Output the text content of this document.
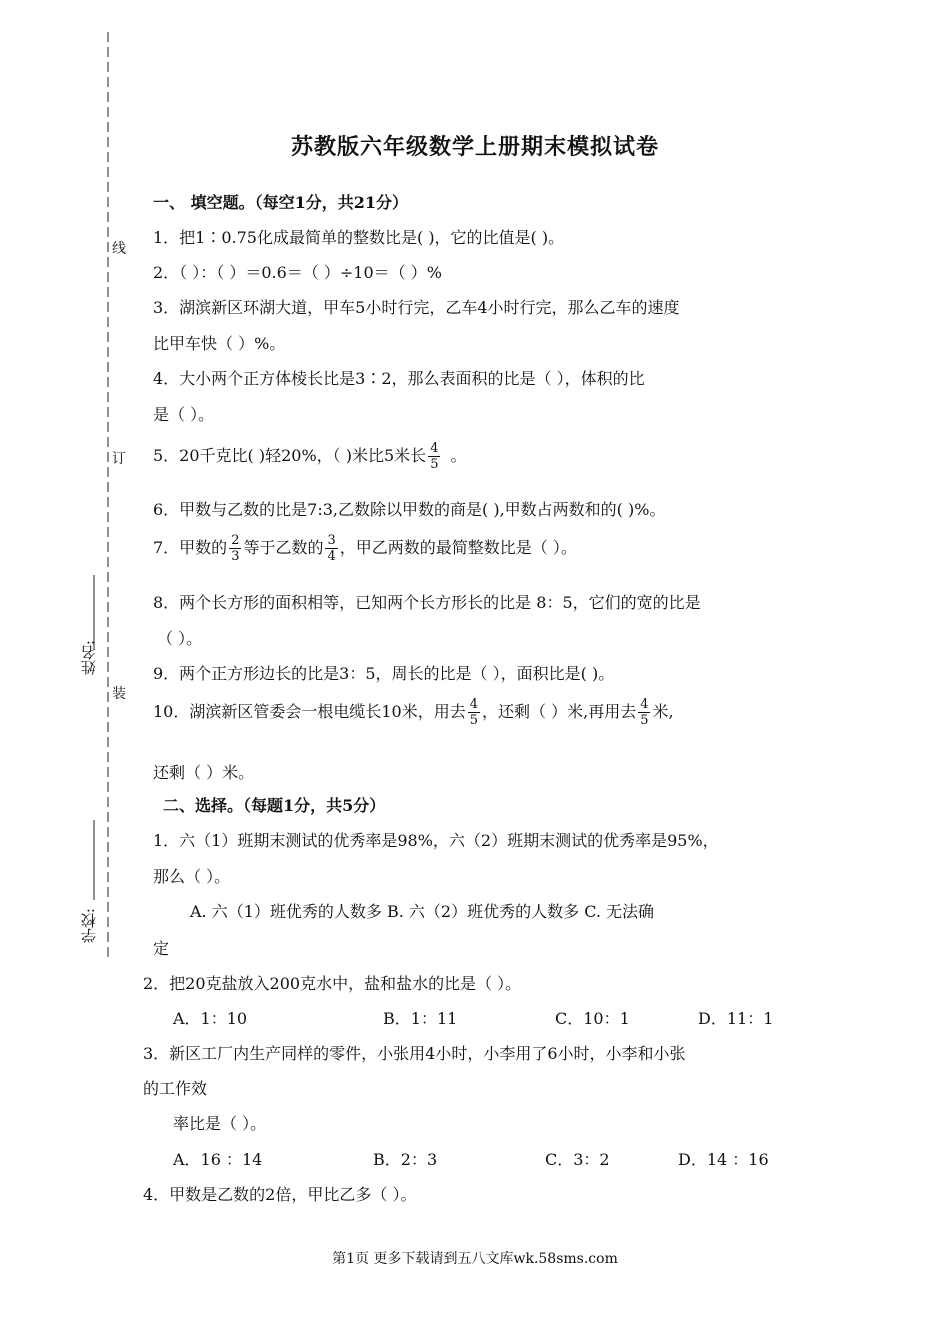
线
订
装
姓名:
学校:
苏教版六年级数学上册期末模拟试卷
一、 填空题。（每空1分，共21分）
1．把1∶0.75化成最简单的整数比是( )，它的比值是( )。
2．（ ）：（ ）＝0.6＝（ ）÷10＝（ ）%
3．湖滨新区环湖大道，甲车5小时行完，乙车4小时行完，那么乙车的速度
比甲车快（ ）%。
4．大小两个正方体棱长比是3∶2，那么表面积的比是（ ），体积的比
是（ ）。
5．20千克比( )轻20%，（ )米比5米长 $\frac{4}{5}$ 。
6．甲数与乙数的比是7:3,乙数除以甲数的商是( ),甲数占两数和的( )%。
7．甲数的 $\frac{2}{3}$ 等于乙数的 $\frac{3}{4}$ ，甲乙两数的最简整数比是（ ）。
8．两个长方形的面积相等，已知两个长方形长的比是 8：5，它们的宽的比是
（ ）。
9．两个正方形边长的比是3：5，周长的比是（ ），面积比是( )。
10．湖滨新区管委会一根电缆长10米，用去 $\frac{4}{5}$ ，还剩（ ）米,再用去 $\frac{4}{5}$ 米,
还剩（ ）米。
二、选择。（每题1分，共5分）
1．六（1）班期末测试的优秀率是98%，六（2）班期末测试的优秀率是95%，
那么（ ）。
A. 六（1）班优秀的人数多 B. 六（2）班优秀的人数多 C. 无法确
定
2．把20克盐放入200克水中，盐和盐水的比是（ ）。
A．1：10	B．1：11	C．10：1	D．11：1
3．新区工厂内生产同样的零件，小张用4小时，小李用了6小时，小李和小张
的工作效
率比是（ ）。
A．16 ：14	B．2：3	C．3：2	D．14 ：16
4．甲数是乙数的2倍，甲比乙多（ ）。
第1页 更多下载请到五八文库wk.58sms.com
